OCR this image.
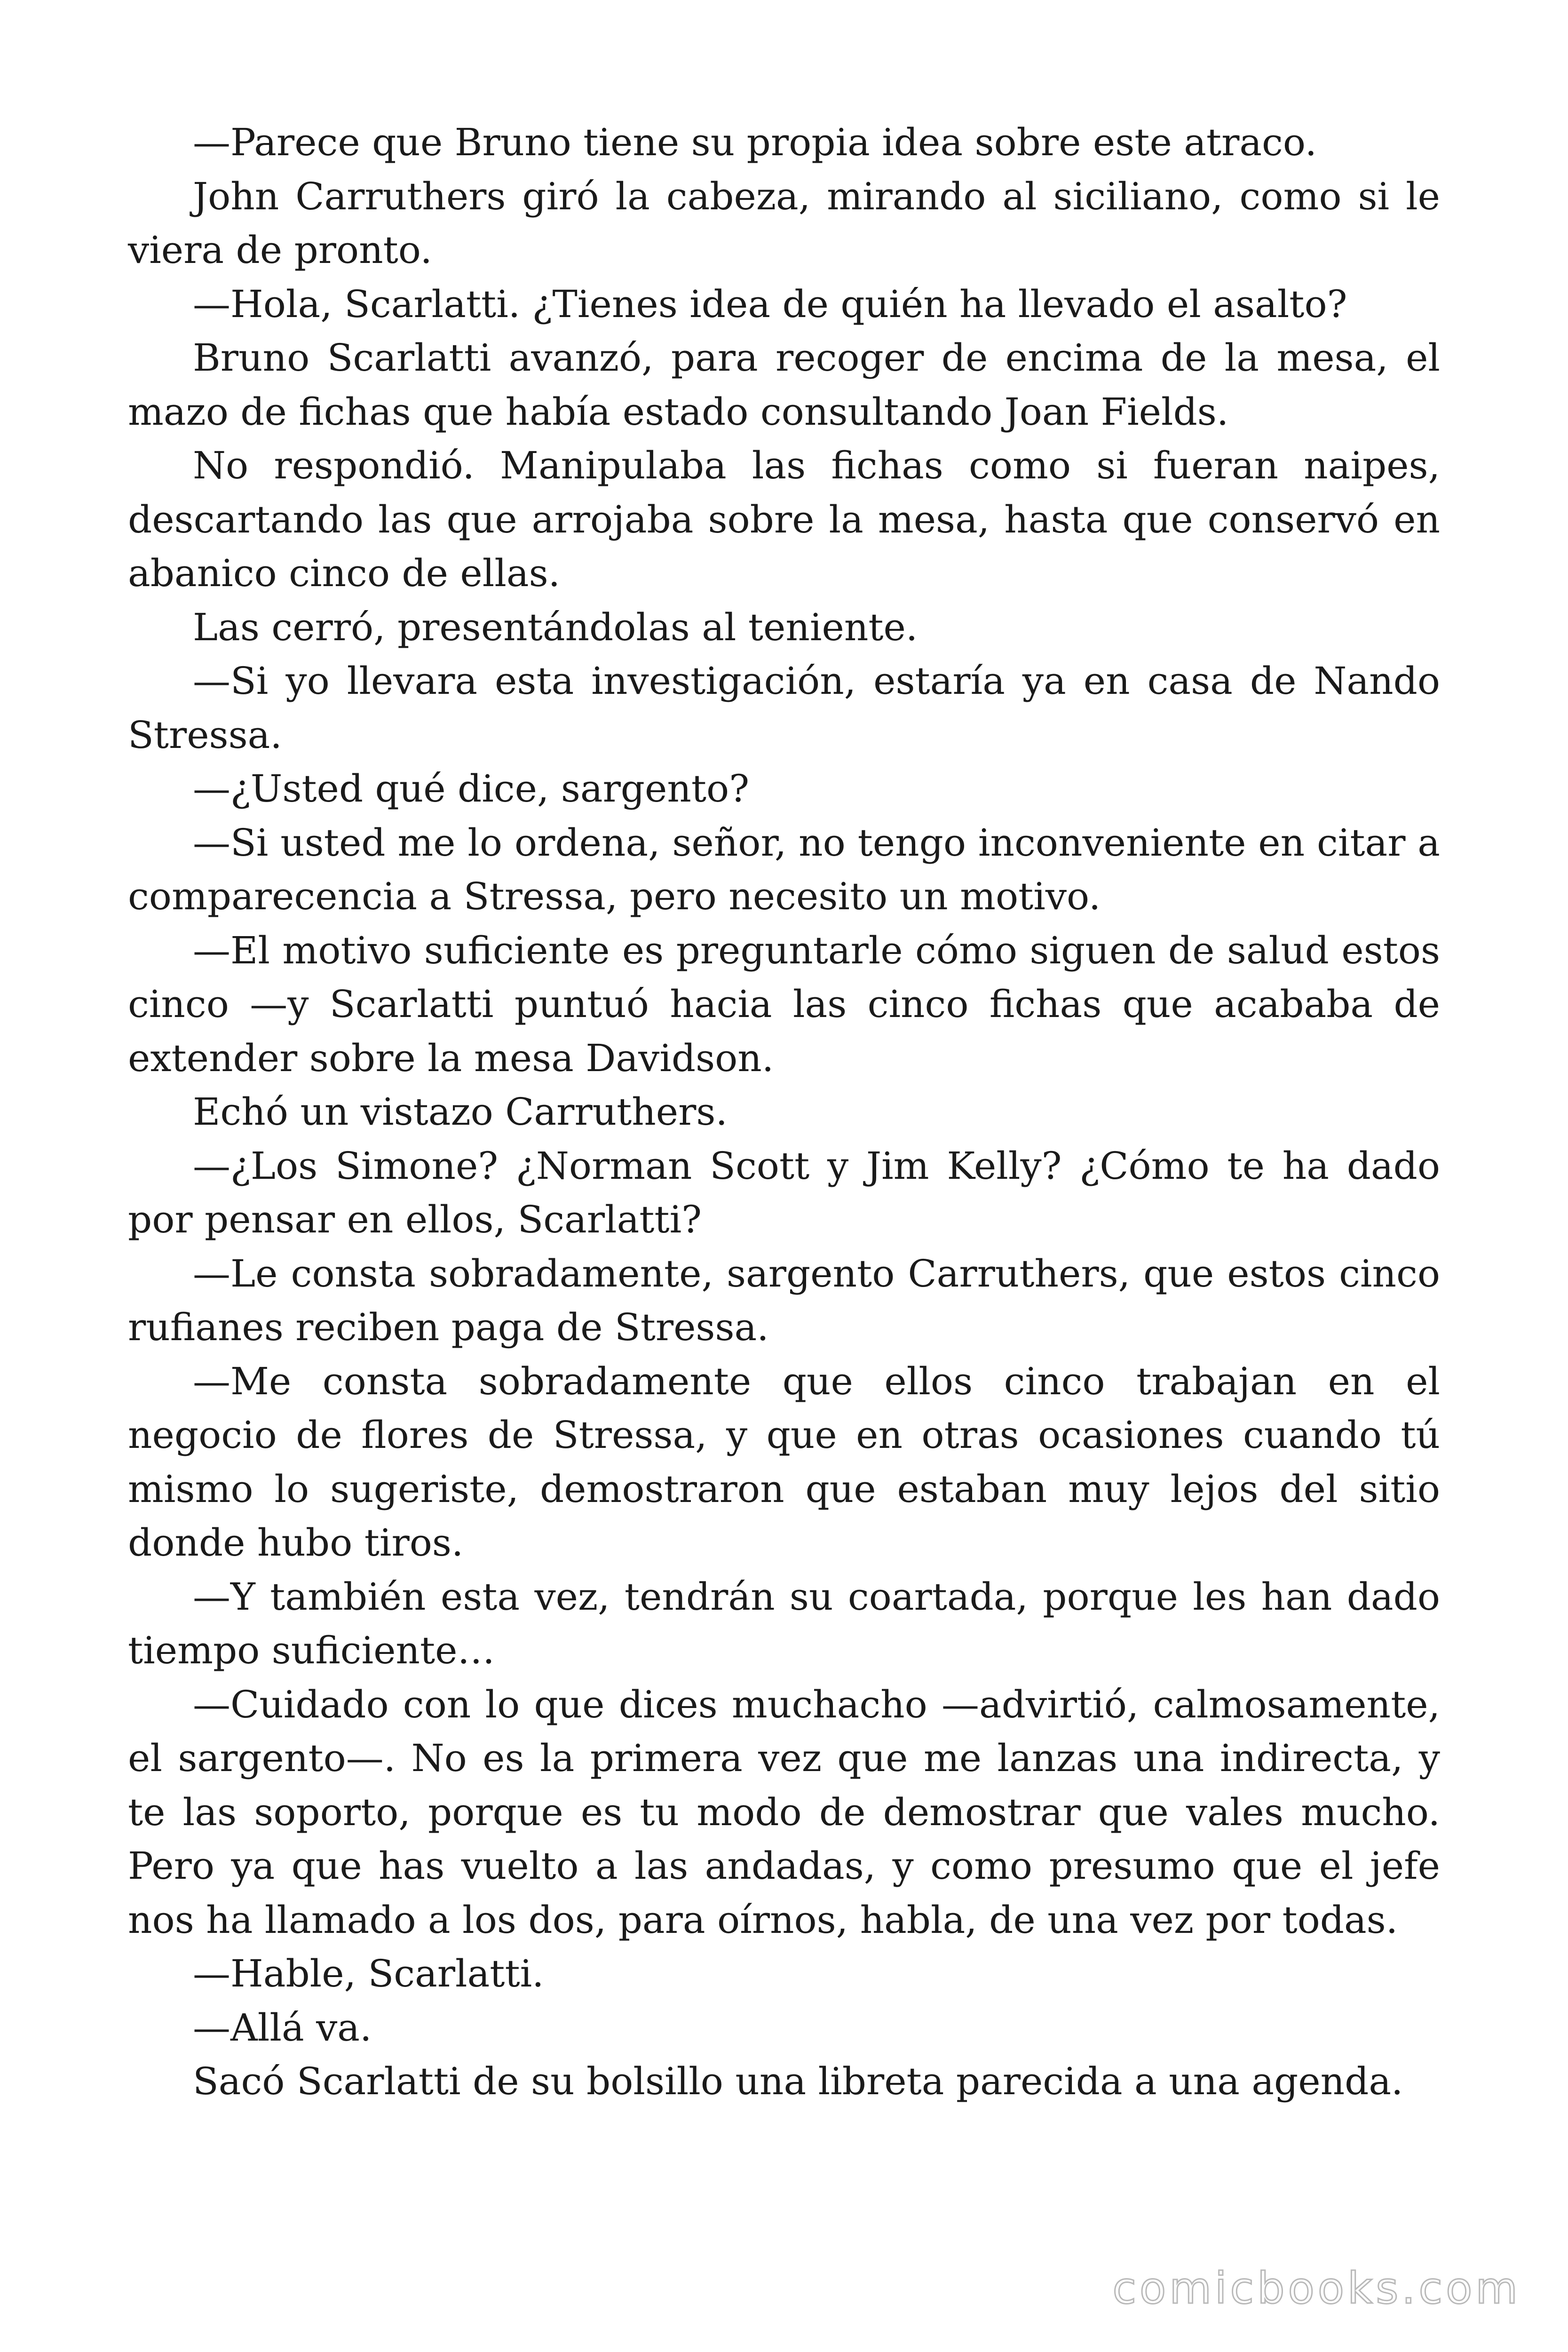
—Parece que Bruno tiene su propia idea sobre este atraco.

John Carruthers giró la cabeza, mirando al siciliano, como si le viera de pronto.

—Hola, Scarlatti. ¿Tienes idea de quién ha llevado el asalto?

Bruno Scarlatti avanzó, para recoger de encima de la mesa, el mazo de fichas que había estado consultando Joan Fields.

No respondió. Manipulaba las fichas como si fueran naipes, descartando las que arrojaba sobre la mesa, hasta que conservó en abanico cinco de ellas.

Las cerró, presentándolas al teniente.

—Si yo llevara esta investigación, estaría ya en casa de Nando Stressa.

—¿Usted qué dice, sargento?

—Si usted me lo ordena, señor, no tengo inconveniente en citar a comparecencia a Stressa, pero necesito un motivo.

—El motivo suficiente es preguntarle cómo siguen de salud estos cinco —y Scarlatti puntuó hacia las cinco fichas que acababa de extender sobre la mesa Davidson.

Echó un vistazo Carruthers.

—¿Los Simone? ¿Norman Scott y Jim Kelly? ¿Cómo te ha dado por pensar en ellos, Scarlatti?

—Le consta sobradamente, sargento Carruthers, que estos cinco rufianes reciben paga de Stressa.

—Me consta sobradamente que ellos cinco trabajan en el negocio de flores de Stressa, y que en otras ocasiones cuando tú mismo lo sugeriste, demostraron que estaban muy lejos del sitio donde hubo tiros.

—Y también esta vez, tendrán su coartada, porque les han dado tiempo suficiente…

—Cuidado con lo que dices muchacho —advirtió, calmosamente, el sargento—. No es la primera vez que me lanzas una indirecta, y te las soporto, porque es tu modo de demostrar que vales mucho. Pero ya que has vuelto a las andadas, y como presumo que el jefe nos ha llamado a los dos, para oírnos, habla, de una vez por todas.

—Hable, Scarlatti.

—Allá va.

Sacó Scarlatti de su bolsillo una libreta parecida a una agenda.

comicbooks.com
